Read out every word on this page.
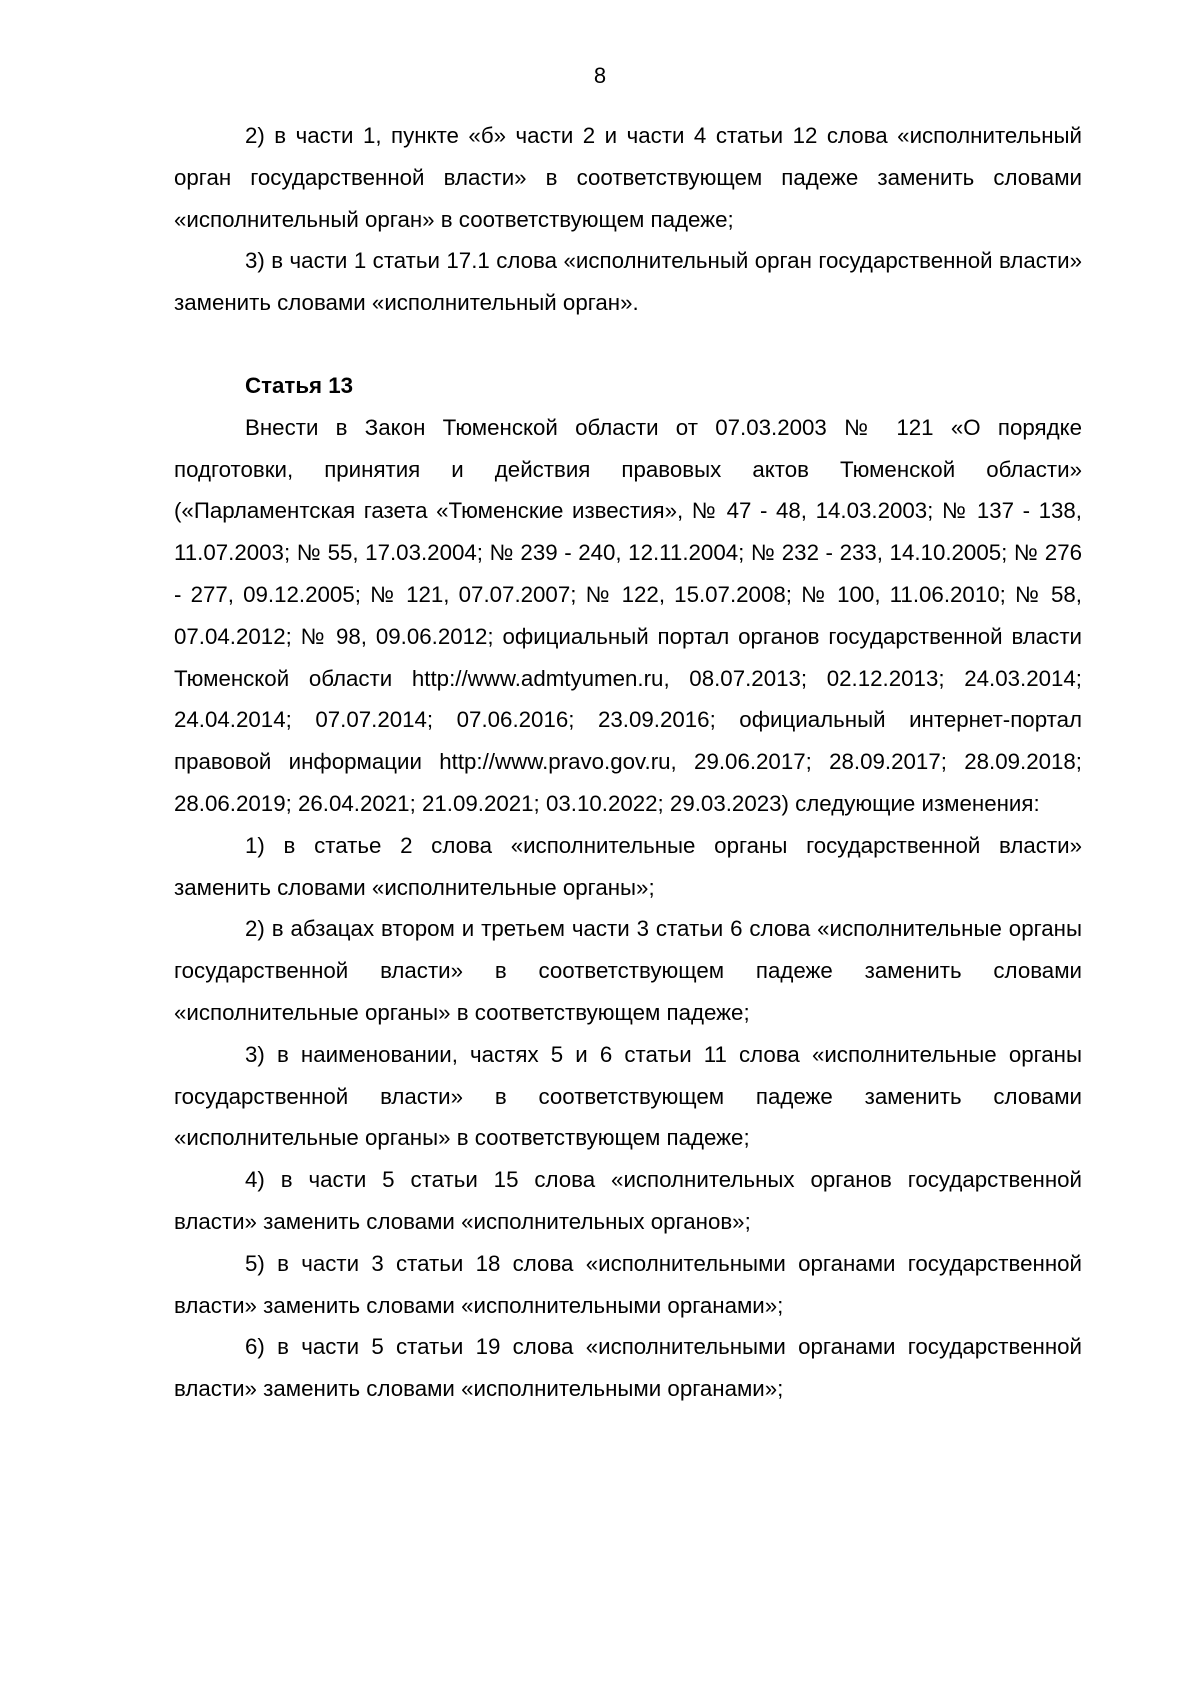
8

2) в части 1, пункте «б» части 2 и части 4 статьи 12 слова «исполнительный орган государственной власти» в соответствующем падеже заменить словами «исполнительный орган» в соответствующем падеже;

3) в части 1 статьи 17.1 слова «исполнительный орган государственной власти» заменить словами «исполнительный орган».

Статья 13

Внести в Закон Тюменской области от 07.03.2003 № 121 «О порядке подготовки, принятия и действия правовых актов Тюменской области» («Парламентская газета «Тюменские известия», № 47 - 48, 14.03.2003; № 137 - 138, 11.07.2003; № 55, 17.03.2004; № 239 - 240, 12.11.2004; № 232 - 233, 14.10.2005; № 276 - 277, 09.12.2005; № 121, 07.07.2007; № 122, 15.07.2008; № 100, 11.06.2010; № 58, 07.04.2012; № 98, 09.06.2012; официальный портал органов государственной власти Тюменской области http://www.admtyumen.ru, 08.07.2013; 02.12.2013; 24.03.2014; 24.04.2014; 07.07.2014; 07.06.2016; 23.09.2016; официальный интернет-портал правовой информации http://www.pravo.gov.ru, 29.06.2017; 28.09.2017; 28.09.2018; 28.06.2019; 26.04.2021; 21.09.2021; 03.10.2022; 29.03.2023) следующие изменения:

1) в статье 2 слова «исполнительные органы государственной власти» заменить словами «исполнительные органы»;

2) в абзацах втором и третьем части 3 статьи 6 слова «исполнительные органы государственной власти» в соответствующем падеже заменить словами «исполнительные органы» в соответствующем падеже;

3) в наименовании, частях 5 и 6 статьи 11 слова «исполнительные органы государственной власти» в соответствующем падеже заменить словами «исполнительные органы» в соответствующем падеже;

4) в части 5 статьи 15 слова «исполнительных органов государственной власти» заменить словами «исполнительных органов»;

5) в части 3 статьи 18 слова «исполнительными органами государственной власти» заменить словами «исполнительными органами»;

6) в части 5 статьи 19 слова «исполнительными органами государственной власти» заменить словами «исполнительными органами»;
